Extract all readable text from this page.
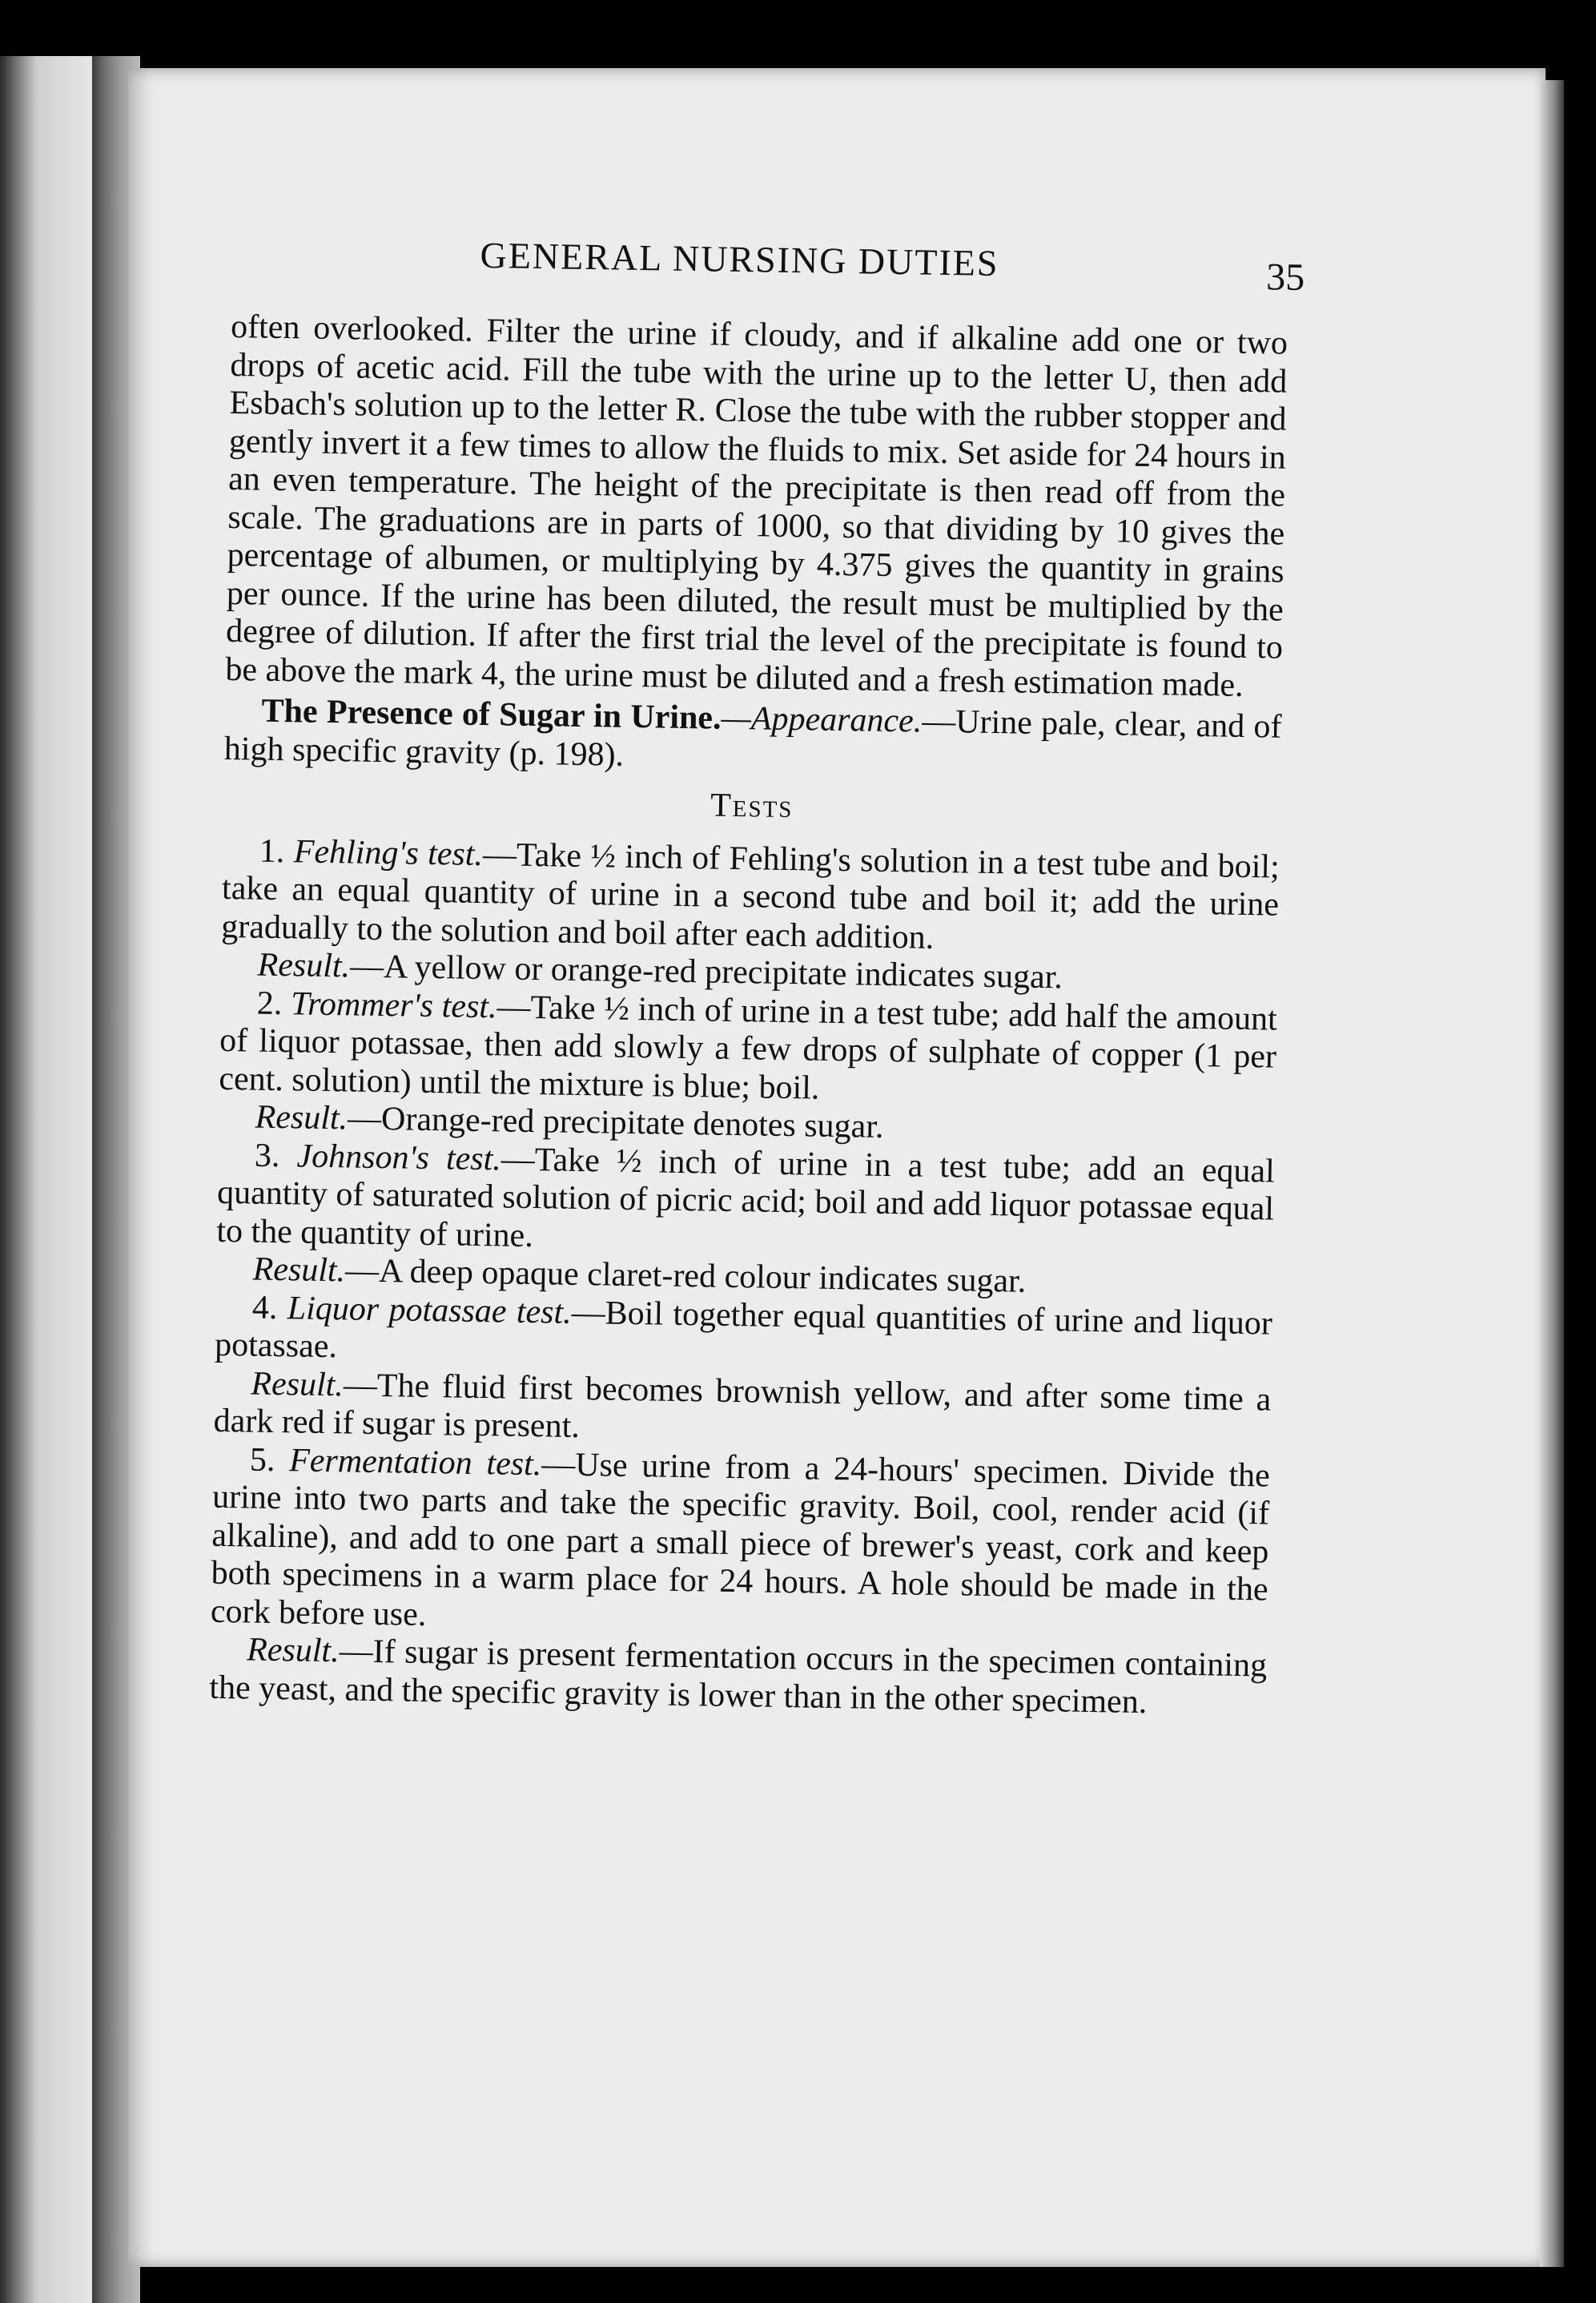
GENERAL NURSING DUTIES	35

often overlooked. Filter the urine if cloudy, and if alkaline add one or two drops of acetic acid. Fill the tube with the urine up to the letter U, then add Esbach's solution up to the letter R. Close the tube with the rubber stopper and gently invert it a few times to allow the fluids to mix. Set aside for 24 hours in an even temperature. The height of the precipitate is then read off from the scale. The graduations are in parts of 1000, so that dividing by 10 gives the percentage of albumen, or multiplying by 4.375 gives the quantity in grains per ounce. If the urine has been diluted, the result must be multiplied by the degree of dilution. If after the first trial the level of the precipitate is found to be above the mark 4, the urine must be diluted and a fresh estimation made.

The Presence of Sugar in Urine.—Appearance.—Urine pale, clear, and of high specific gravity (p. 198).

Tests

1. Fehling's test.—Take ½ inch of Fehling's solution in a test tube and boil; take an equal quantity of urine in a second tube and boil it; add the urine gradually to the solution and boil after each addition.

Result.—A yellow or orange-red precipitate indicates sugar.

2. Trommer's test.—Take ½ inch of urine in a test tube; add half the amount of liquor potassae, then add slowly a few drops of sulphate of copper (1 per cent. solution) until the mixture is blue; boil.

Result.—Orange-red precipitate denotes sugar.

3. Johnson's test.—Take ½ inch of urine in a test tube; add an equal quantity of saturated solution of picric acid; boil and add liquor potassae equal to the quantity of urine.

Result.—A deep opaque claret-red colour indicates sugar.

4. Liquor potassae test.—Boil together equal quantities of urine and liquor potassae.

Result.—The fluid first becomes brownish yellow, and after some time a dark red if sugar is present.

5. Fermentation test.—Use urine from a 24-hours' specimen. Divide the urine into two parts and take the specific gravity. Boil, cool, render acid (if alkaline), and add to one part a small piece of brewer's yeast, cork and keep both specimens in a warm place for 24 hours. A hole should be made in the cork before use.

Result.—If sugar is present fermentation occurs in the specimen containing the yeast, and the specific gravity is lower than in the other specimen.
